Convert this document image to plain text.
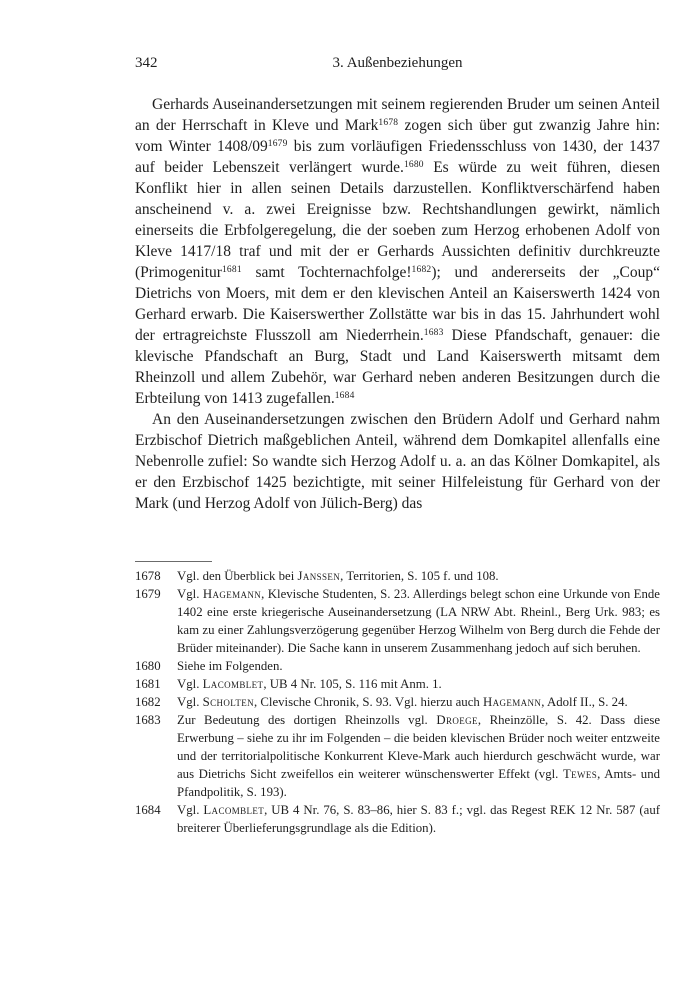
342	3. Außenbeziehungen

Gerhards Auseinandersetzungen mit seinem regierenden Bruder um seinen Anteil an der Herrschaft in Kleve und Mark$^{1678}$ zogen sich über gut zwanzig Jahre hin: vom Winter 1408/09$^{1679}$ bis zum vorläufigen Friedensschluss von 1430, der 1437 auf beider Lebenszeit verlängert wurde.$^{1680}$ Es würde zu weit führen, diesen Konflikt hier in allen seinen Details darzustellen. Konfliktverschärfend haben anscheinend v. a. zwei Ereignisse bzw. Rechtshandlungen gewirkt, nämlich einerseits die Erbfolgeregelung, die der soeben zum Herzog erhobenen Adolf von Kleve 1417/18 traf und mit der er Gerhards Aussichten definitiv durchkreuzte (Primogenitur$^{1681}$ samt Tochternachfolge!$^{1682}$); und andererseits der „Coup“ Dietrichs von Moers, mit dem er den klevischen Anteil an Kaiserswerth 1424 von Gerhard erwarb. Die Kaiserswerther Zollstätte war bis in das 15. Jahrhundert wohl der ertragreichste Flusszoll am Niederrhein.$^{1683}$ Diese Pfandschaft, genauer: die klevische Pfandschaft an Burg, Stadt und Land Kaiserswerth mitsamt dem Rheinzoll und allem Zubehör, war Gerhard neben anderen Besitzungen durch die Erbteilung von 1413 zugefallen.$^{1684}$

An den Auseinandersetzungen zwischen den Brüdern Adolf und Gerhard nahm Erzbischof Dietrich maßgeblichen Anteil, während dem Domkapitel allenfalls eine Nebenrolle zufiel: So wandte sich Herzog Adolf u. a. an das Kölner Domkapitel, als er den Erzbischof 1425 bezichtigte, mit seiner Hilfeleistung für Gerhard von der Mark (und Herzog Adolf von Jülich-Berg) das

1678	Vgl. den Überblick bei Janssen, Territorien, S. 105 f. und 108.
1679	Vgl. Hagemann, Klevische Studenten, S. 23. Allerdings belegt schon eine Urkunde von Ende 1402 eine erste kriegerische Auseinandersetzung (LA NRW Abt. Rheinl., Berg Urk. 983; es kam zu einer Zahlungsverzögerung gegenüber Herzog Wilhelm von Berg durch die Fehde der Brüder miteinander). Die Sache kann in unserem Zusammenhang jedoch auf sich beruhen.
1680	Siehe im Folgenden.
1681	Vgl. Lacomblet, UB 4 Nr. 105, S. 116 mit Anm. 1.
1682	Vgl. Scholten, Clevische Chronik, S. 93. Vgl. hierzu auch Hagemann, Adolf II., S. 24.
1683	Zur Bedeutung des dortigen Rheinzolls vgl. Droege, Rheinzölle, S. 42. Dass diese Erwerbung – siehe zu ihr im Folgenden – die beiden klevischen Brüder noch weiter entzweite und der territorialpolitische Konkurrent Kleve-Mark auch hierdurch geschwächt wurde, war aus Dietrichs Sicht zweifellos ein weiterer wünschenswerter Effekt (vgl. Tewes, Amts- und Pfandpolitik, S. 193).
1684	Vgl. Lacomblet, UB 4 Nr. 76, S. 83–86, hier S. 83 f.; vgl. das Regest REK 12 Nr. 587 (auf breiterer Überlieferungsgrundlage als die Edition).
